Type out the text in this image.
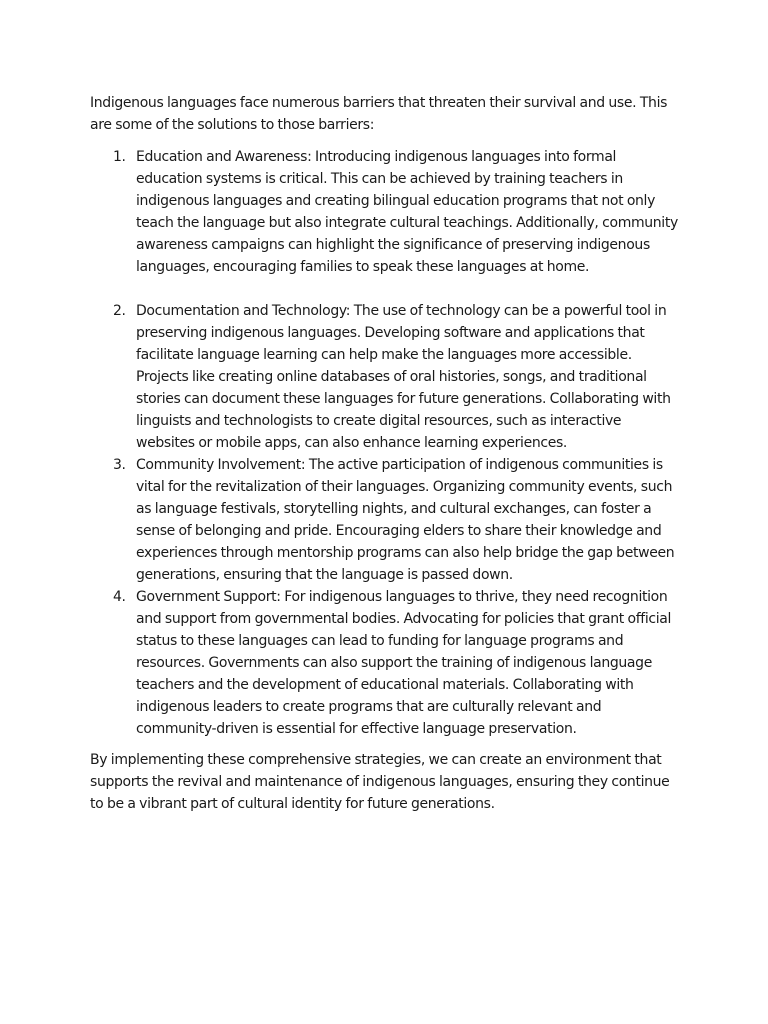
Indigenous languages face numerous barriers that threaten their survival and use. This are some of the solutions to those barriers:

1. Education and Awareness: Introducing indigenous languages into formal education systems is critical. This can be achieved by training teachers in indigenous languages and creating bilingual education programs that not only teach the language but also integrate cultural teachings. Additionally, community awareness campaigns can highlight the significance of preserving indigenous languages, encouraging families to speak these languages at home.
2. Documentation and Technology: The use of technology can be a powerful tool in preserving indigenous languages. Developing software and applications that facilitate language learning can help make the languages more accessible. Projects like creating online databases of oral histories, songs, and traditional stories can document these languages for future generations. Collaborating with linguists and technologists to create digital resources, such as interactive websites or mobile apps, can also enhance learning experiences.
3. Community Involvement: The active participation of indigenous communities is vital for the revitalization of their languages. Organizing community events, such as language festivals, storytelling nights, and cultural exchanges, can foster a sense of belonging and pride. Encouraging elders to share their knowledge and experiences through mentorship programs can also help bridge the gap between generations, ensuring that the language is passed down.
4. Government Support: For indigenous languages to thrive, they need recognition and support from governmental bodies. Advocating for policies that grant official status to these languages can lead to funding for language programs and resources. Governments can also support the training of indigenous language teachers and the development of educational materials. Collaborating with indigenous leaders to create programs that are culturally relevant and community-driven is essential for effective language preservation.

By implementing these comprehensive strategies, we can create an environment that supports the revival and maintenance of indigenous languages, ensuring they continue to be a vibrant part of cultural identity for future generations.
